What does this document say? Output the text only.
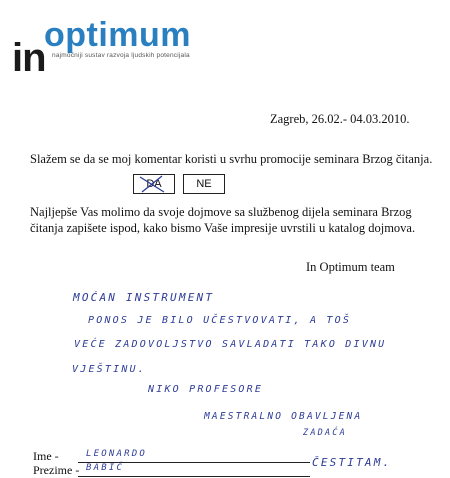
optimum
in najmoćniji sustav razvoja ljudskih potencijala
Zagreb, 26.02.- 04.03.2010.
Slažem se da se moj komentar koristi u svrhu promocije seminara Brzog čitanja.
DA	NE
Najljepše Vas molimo da svoje dojmove sa službenog dijela seminara Brzog čitanja zapišete ispod, kako bismo Vaše impresije uvrstili u katalog dojmova.
In Optimum team
MOĆAN INSTRUMENT
PONOS JE BILO UČESTVOVATI, A TOŠ
VEĆE ZADOVOLJSTVO SAVLADATI TAKO DIVNU
VJEŠTINU.
NIKO PROFESORE
MAESTRALNO OBAVLJENA
ZADAĆA
ČESTITAM.
Ime -	LEONARDO
Prezime - BABIĆ
